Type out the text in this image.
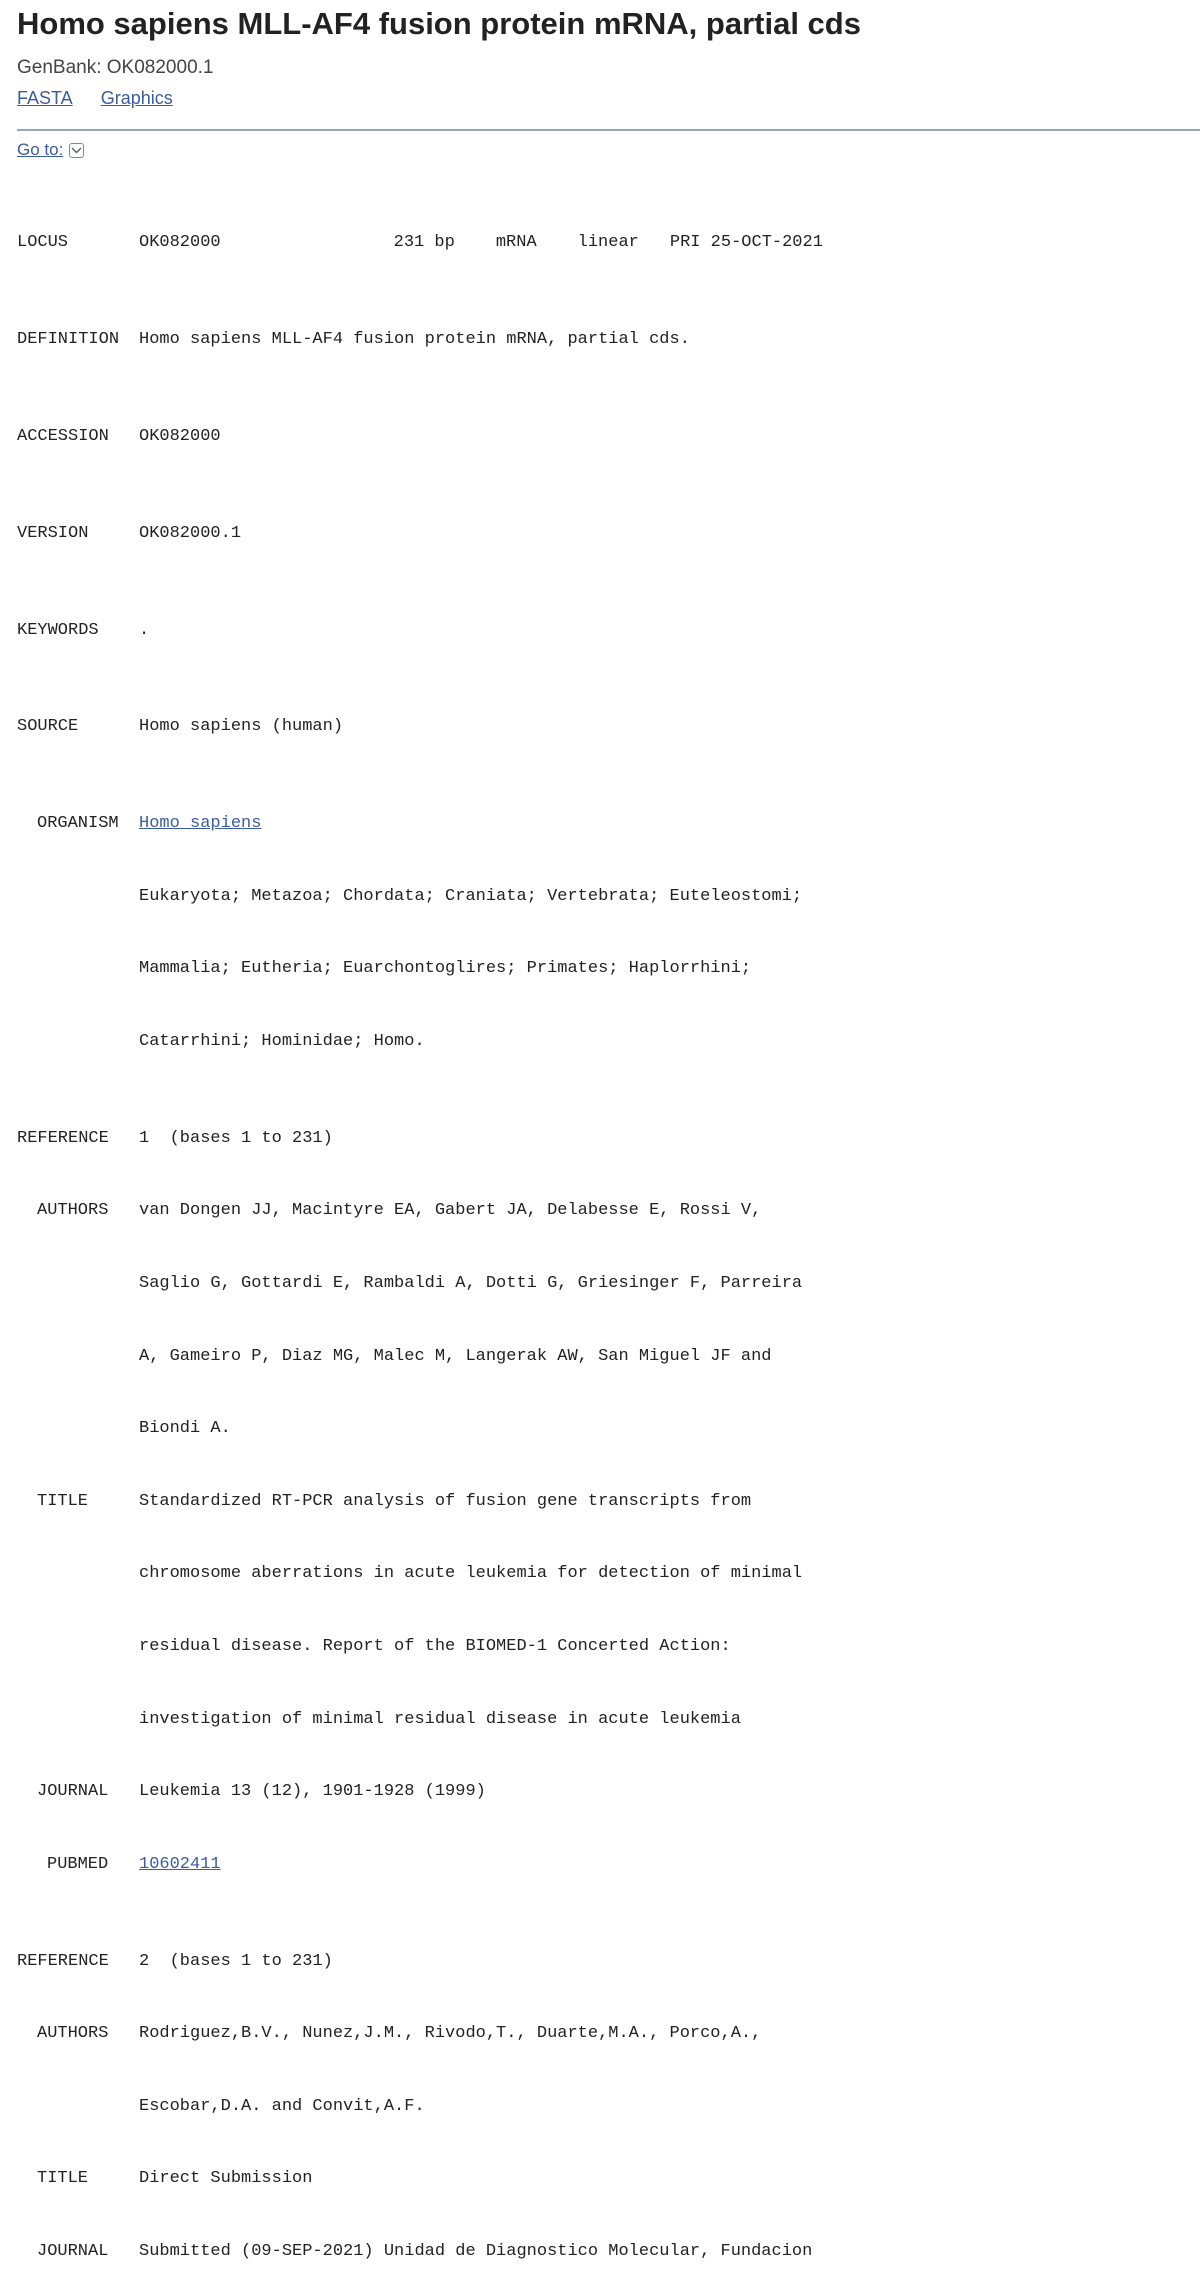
Homo sapiens MLL-AF4 fusion protein mRNA, partial cds
GenBank: OK082000.1
FASTA Graphics
Go to:

LOCUS	OK082000	231 bp mRNA linear PRI 25-OCT-2021

DEFINITION Homo sapiens MLL-AF4 fusion protein mRNA, partial cds.

ACCESSION OK082000

VERSION	OK082000.1

KEYWORDS .

SOURCE	Homo sapiens (human)

ORGANISM Homo sapiens

Eukaryota; Metazoa; Chordata; Craniata; Vertebrata; Euteleostomi;

Mammalia; Eutheria; Euarchontoglires; Primates; Haplorrhini;

Catarrhini; Hominidae; Homo.

REFERENCE 1  (bases 1 to 231)

AUTHORS van Dongen JJ, Macintyre EA, Gabert JA, Delabesse E, Rossi V,

Saglio G, Gottardi E, Rambaldi A, Dotti G, Griesinger F, Parreira

A, Gameiro P, Diaz MG, Malec M, Langerak AW, San Miguel JF and

Biondi A.

TITLE	Standardized RT-PCR analysis of fusion gene transcripts from

chromosome aberrations in acute leukemia for detection of minimal

residual disease. Report of the BIOMED-1 Concerted Action:

investigation of minimal residual disease in acute leukemia

JOURNAL Leukemia 13 (12), 1901-1928 (1999)

PUBMED 10602411

REFERENCE 2  (bases 1 to 231)

AUTHORS Rodriguez,B.V., Nunez,J.M., Rivodo,T., Duarte,M.A., Porco,A.,

Escobar,D.A. and Convit,A.F.

TITLE	Direct Submission

JOURNAL Submitted (09-SEP-2021) Unidad de Diagnostico Molecular, Fundacion
